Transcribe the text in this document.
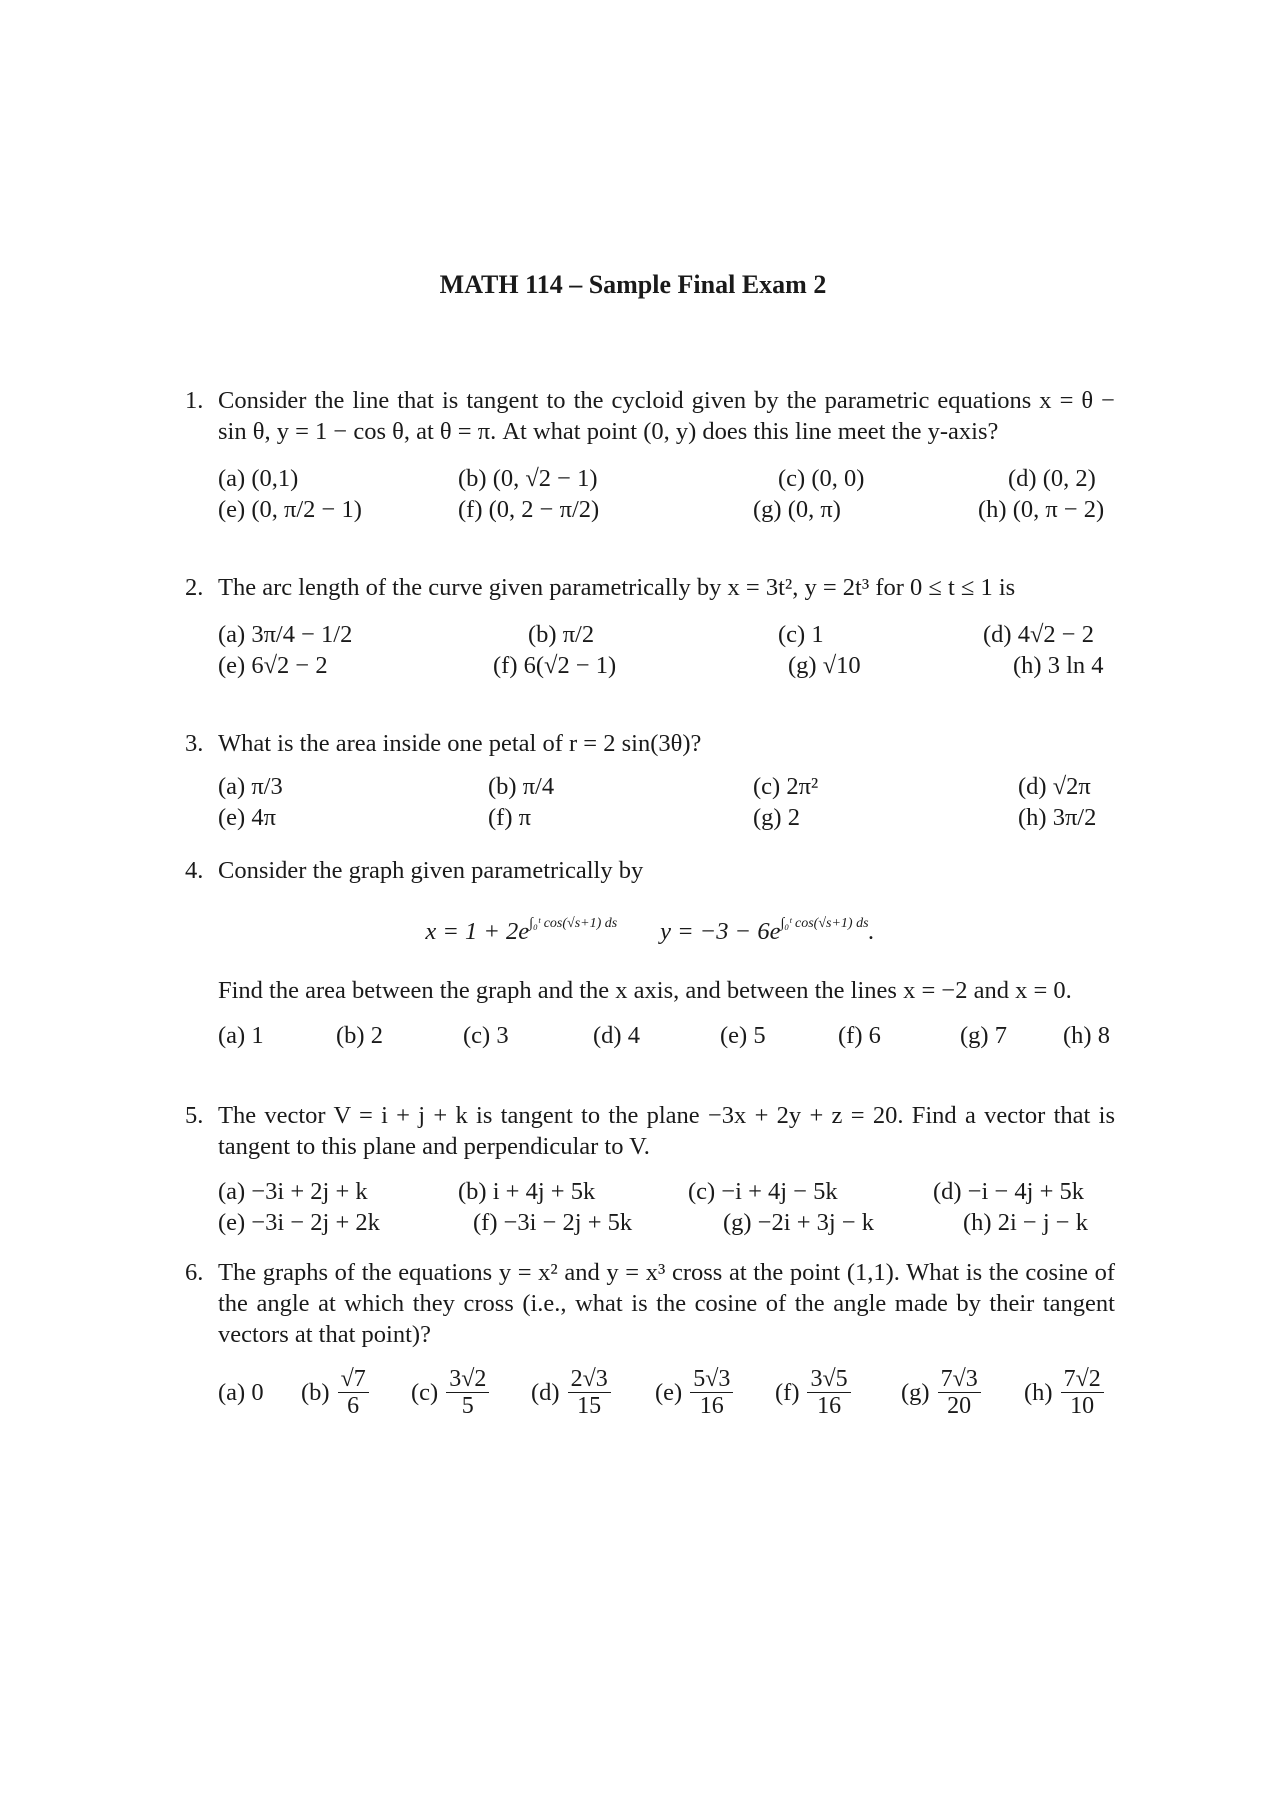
MATH 114 – Sample Final Exam 2
1. Consider the line that is tangent to the cycloid given by the parametric equations x = θ − sin θ, y = 1 − cos θ, at θ = π. At what point (0, y) does this line meet the y-axis?
(a) (0,1)	(b) (0, √2 − 1)	(c) (0, 0)	(d) (0, 2)
(e) (0, π/2 − 1)	(f) (0, 2 − π/2)	(g) (0, π)	(h) (0, π − 2)
2. The arc length of the curve given parametrically by x = 3t², y = 2t³ for 0 ≤ t ≤ 1 is
(a) 3π/4 − 1/2	(b) π/2	(c) 1	(d) 4√2 − 2
(e) 6√2 − 2	(f) 6(√2 − 1)	(g) √10	(h) 3 ln 4
3. What is the area inside one petal of r = 2 sin(3θ)?
(a) π/3	(b) π/4	(c) 2π²	(d) √2π
(e) 4π	(f) π	(g) 2	(h) 3π/2
4. Consider the graph given parametrically by
$x = 1 + 2e^{\int_0ᵗ cos(√s+1) ds}$ $y = -3 - 6e^{\int_0ᵗ cos(√s+1) ds}$.
Find the area between the graph and the x axis, and between the lines x = −2 and x = 0.
(a) 1	(b) 2	(c) 3	(d) 4	(e) 5	(f) 6	(g) 7 (h) 8
5. The vector V = i + j + k is tangent to the plane −3x + 2y + z = 20. Find a vector that is tangent to this plane and perpendicular to V.
(a) −3i + 2j + k	(b) i + 4j + 5k	(c) −i + 4j − 5k	(d) −i − 4j + 5k
(e) −3i − 2j + 2k	(f) −3i − 2j + 5k	(g) −2i + 3j − k	(h) 2i − j − k
6. The graphs of the equations y = x² and y = x³ cross at the point (1,1). What is the cosine of the angle at which they cross (i.e., what is the cosine of the angle made by their tangent vectors at that point)?
(a) 0 $(b) \frac{√7}{6} (c) \frac{3√2}{5} (d) \frac{2√3}{15} (e) \frac{5√3}{16} (f) \frac{3√5}{16} (g) \frac{7√3}{20} (h) \frac{7√2}{10}$
